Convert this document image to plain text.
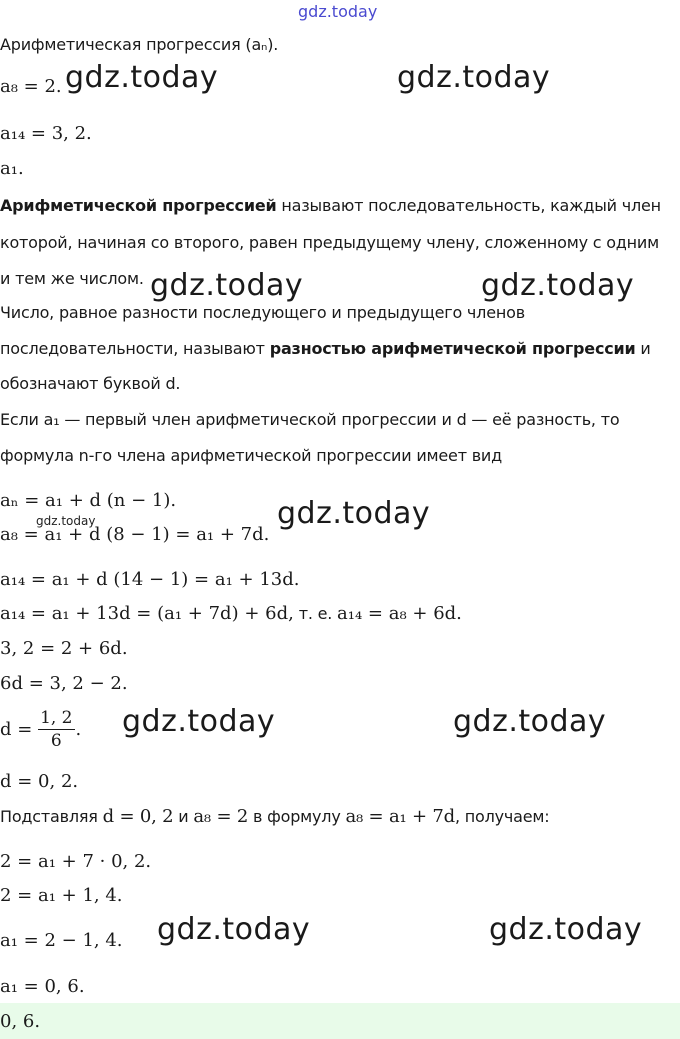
gdz.today
Арифметическая прогрессия (aₙ).
a₈ = 2.
a₁₄ = 3, 2.
a₁.
Арифметической прогрессией называют последовательность, каждый член
которой, начиная со второго, равен предыдущему члену, сложенному с одним
и тем же числом.
Число, равное разности последующего и предыдущего членов
последовательности, называют разностью арифметической прогрессии и
обозначают буквой d.
Если a₁ — первый член арифметической прогрессии и d — её разность, то
формула n-го члена арифметической прогрессии имеет вид
aₙ = a₁ + d (n − 1).
a₈ = a₁ + d (8 − 1) = a₁ + 7d.
a₁₄ = a₁ + d (14 − 1) = a₁ + 13d.
a₁₄ = a₁ + 13d = (a₁ + 7d) + 6d, т. е. a₁₄ = a₈ + 6d.
3, 2 = 2 + 6d.
6d = 3, 2 − 2.
$d = \frac{1, 2}{6}$ .
d = 0, 2.
Подставляя d = 0, 2 и a₈ = 2 в формулу a₈ = a₁ + 7d, получаем:
2 = a₁ + 7 · 0, 2.
2 = a₁ + 1, 4.
a₁ = 2 − 1, 4.
a₁ = 0, 6.
0, 6.
gdz.today	gdz.today
gdz.today	gdz.today
gdz.today	gdz.today
gdz.today	gdz.today
gdz.today	gdz.today
